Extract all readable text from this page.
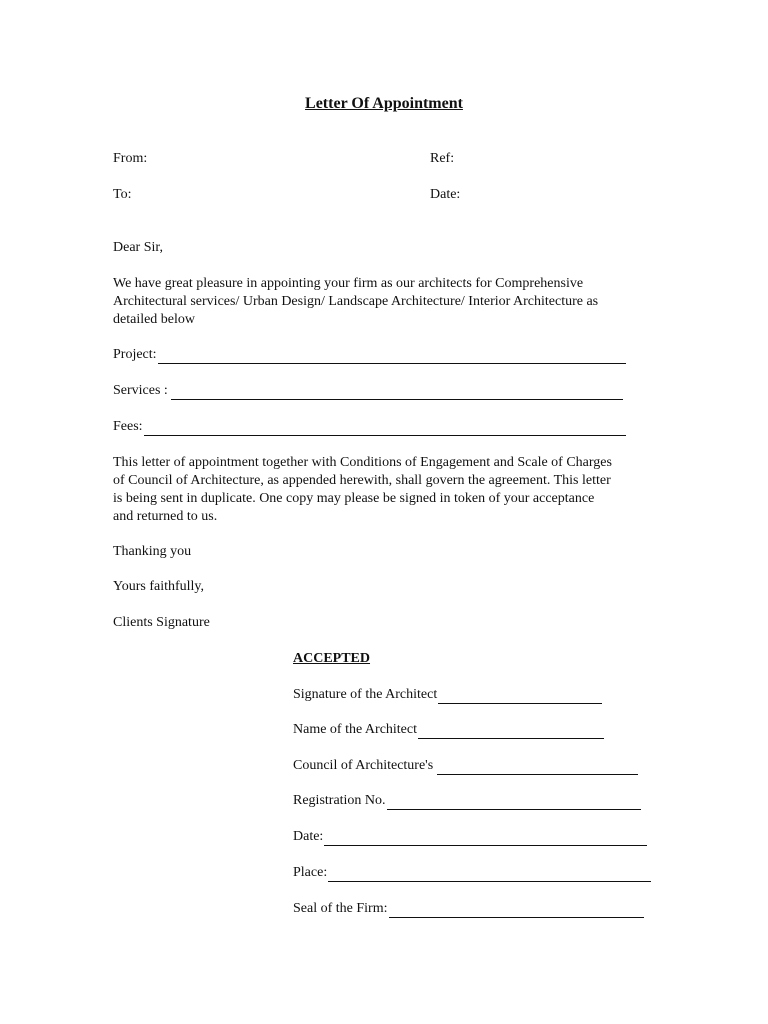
Letter Of Appointment
From:	Ref:
To:	Date:
Dear Sir,
We have great pleasure in appointing your firm as our architects for Comprehensive
Architectural services/ Urban Design/ Landscape Architecture/ Interior Architecture as
detailed below
Project:
Services :
Fees:
This letter of appointment together with Conditions of Engagement and Scale of Charges
of Council of Architecture, as appended herewith, shall govern the agreement. This letter
is being sent in duplicate. One copy may please be signed in token of your acceptance
and returned to us.
Thanking you
Yours faithfully,
Clients Signature
ACCEPTED
Signature of the Architect
Name of the Architect
Council of Architecture's
Registration No.
Date:
Place:
Seal of the Firm:
